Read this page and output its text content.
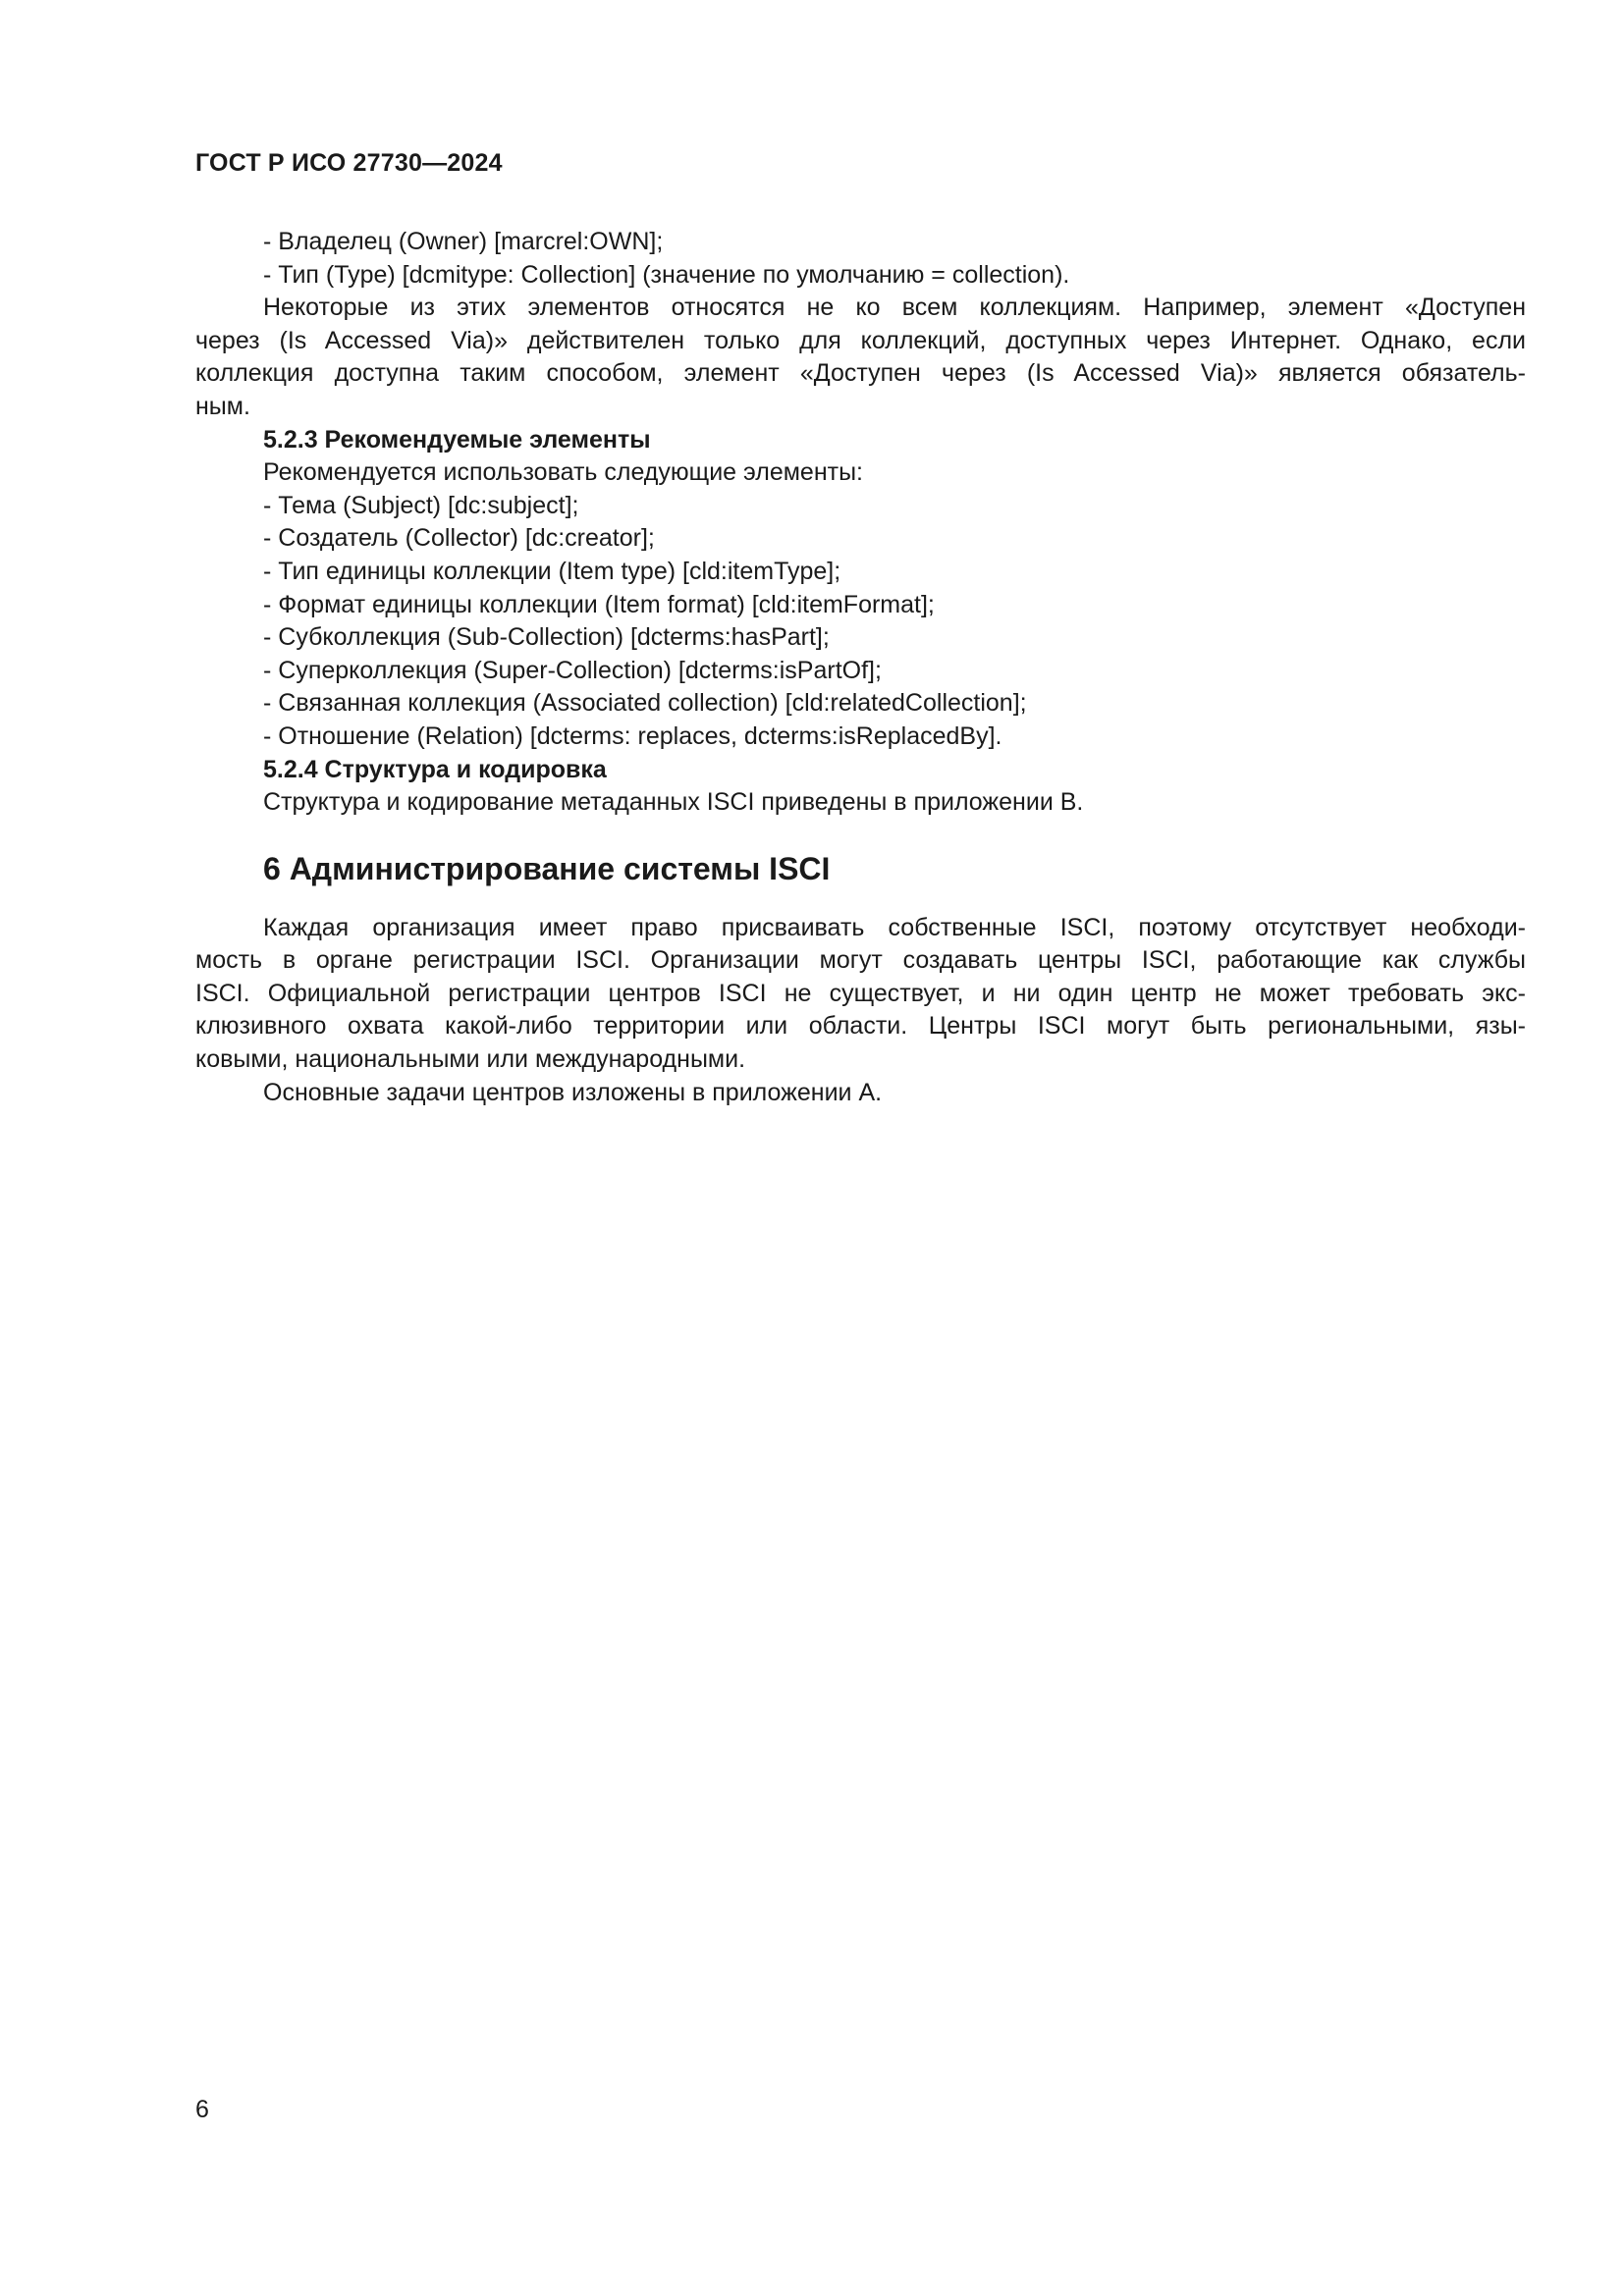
ГОСТ Р ИСО 27730—2024

- Владелец (Owner) [marcrel:OWN];

- Тип (Type) [dcmitype: Collection] (значение по умолчанию = collection).

Некоторые из этих элементов относятся не ко всем коллекциям. Например, элемент «Доступен

через (Is Accessed Via)» действителен только для коллекций, доступных через Интернет. Однако, если

коллекция доступна таким способом, элемент «Доступен через (Is Accessed Via)» является обязатель-

ным.

5.2.3 Рекомендуемые элементы

Рекомендуется использовать следующие элементы:

- Тема (Subject) [dc:subject];

- Создатель (Collector) [dc:creator];

- Тип единицы коллекции (Item type) [cld:itemType];

- Формат единицы коллекции (Item format) [cld:itemFormat];

- Субколлекция (Sub-Collection) [dcterms:hasPart];

- Суперколлекция (Super-Collection) [dcterms:isPartOf];

- Связанная коллекция (Associated collection) [cld:relatedCollection];

- Отношение (Relation) [dcterms: replaces, dcterms:isReplacedBy].

5.2.4 Структура и кодировка

Структура и кодирование метаданных ISCI приведены в приложении B.

6 Администрирование системы ISCI

Каждая организация имеет право присваивать собственные ISCI, поэтому отсутствует необходи-

мость в органе регистрации ISCI. Организации могут создавать центры ISCI, работающие как службы

ISCI. Официальной регистрации центров ISCI не существует, и ни один центр не может требовать экс-

клюзивного охвата какой-либо территории или области. Центры ISCI могут быть региональными, язы-

ковыми, национальными или международными.

Основные задачи центров изложены в приложении А.

6
